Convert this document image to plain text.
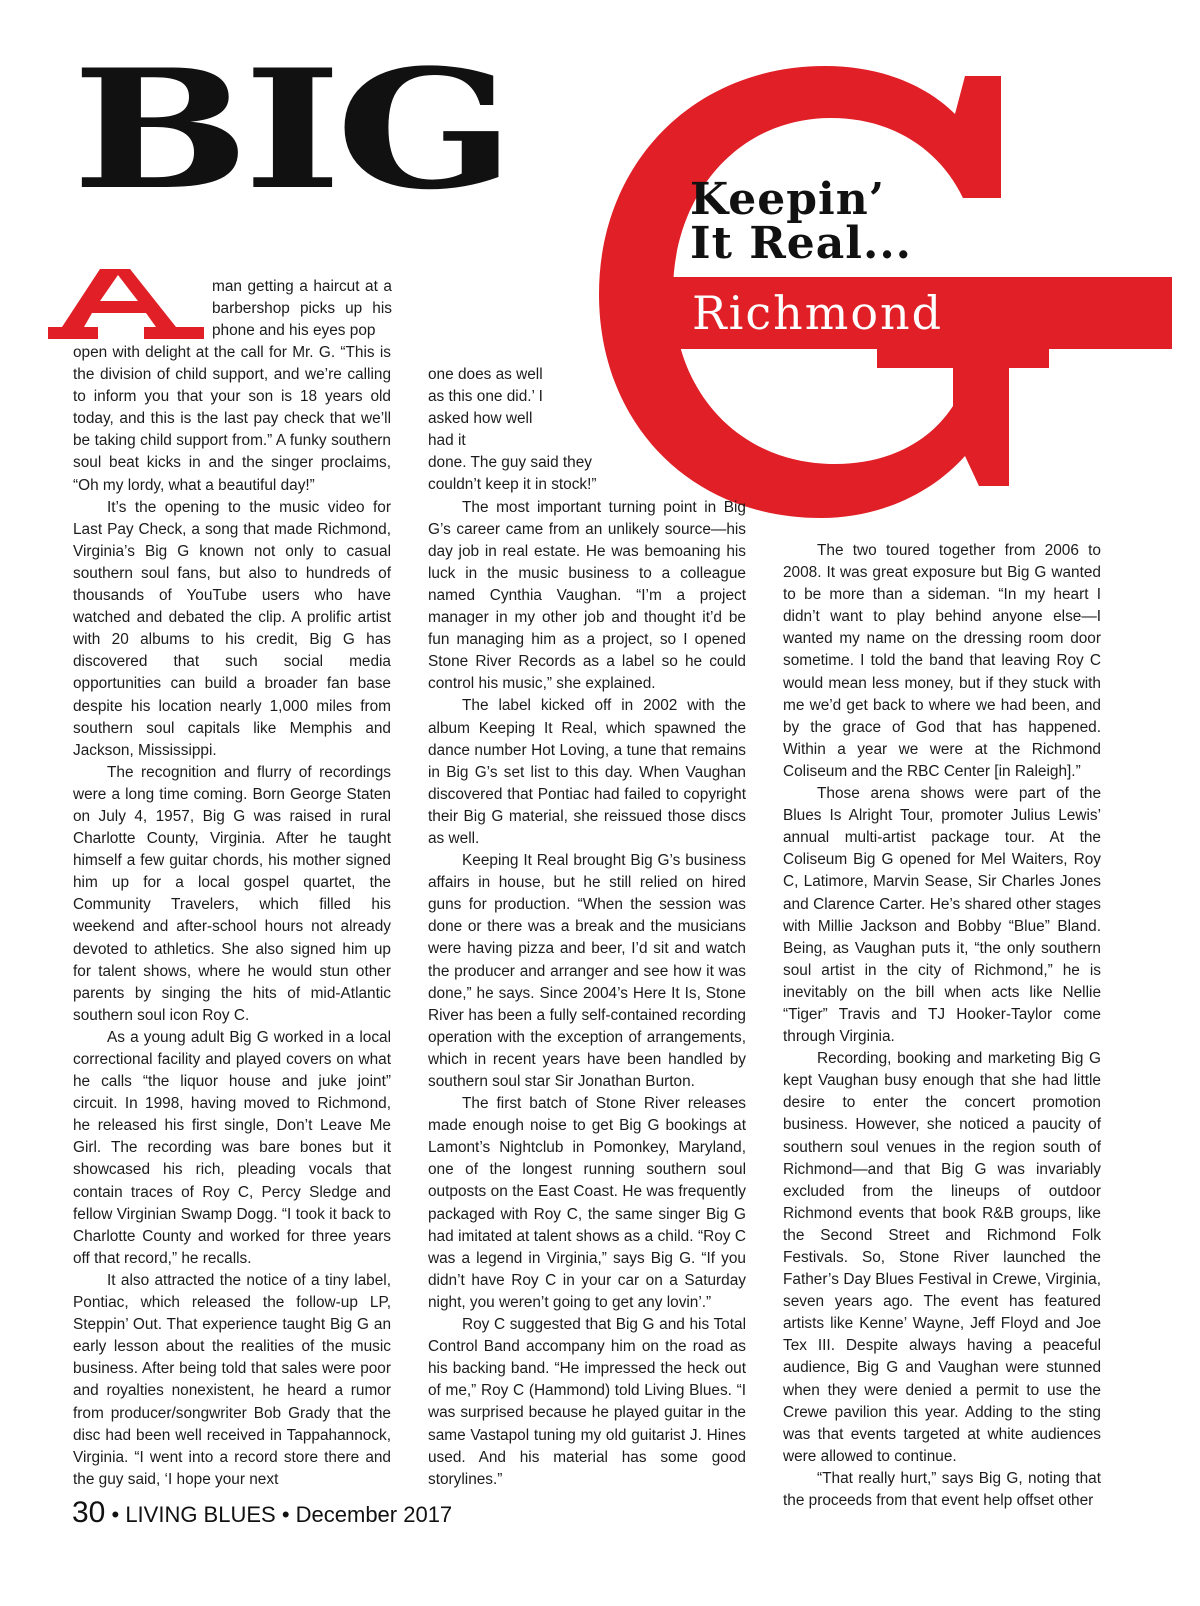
BIG	Keepin’
It Real...
Richmond
man getting a haircut at a barbershop picks up his phone and his eyes pop

open with delight at the call for Mr. G. “This is the division of child support, and we’re calling to inform you that your son is 18 years old today, and this is the last pay check that we’ll be taking child support from.” A funky southern soul beat kicks in and the singer proclaims, “Oh my lordy, what a beautiful day!”

It’s the opening to the music video for Last Pay Check, a song that made Richmond, Virginia’s Big G known not only to casual southern soul fans, but also to hundreds of thousands of YouTube users who have watched and debated the clip. A prolific artist with 20 albums to his credit, Big G has discovered that such social media opportunities can build a broader fan base despite his location nearly 1,000 miles from southern soul capitals like Memphis and Jackson, Mississippi.

The recognition and flurry of recordings were a long time coming. Born George Staten on July 4, 1957, Big G was raised in rural Charlotte County, Virginia. After he taught himself a few guitar chords, his mother signed him up for a local gospel quartet, the Community Travelers, which filled his weekend and after-school hours not already devoted to athletics. She also signed him up for talent shows, where he would stun other parents by singing the hits of mid-Atlantic southern soul icon Roy C.

As a young adult Big G worked in a local correctional facility and played covers on what he calls “the liquor house and juke joint” circuit. In 1998, having moved to Richmond, he released his first single, Don’t Leave Me Girl. The recording was bare bones but it showcased his rich, pleading vocals that contain traces of Roy C, Percy Sledge and fellow Virginian Swamp Dogg. “I took it back to Charlotte County and worked for three years off that record,” he recalls.

It also attracted the notice of a tiny label, Pontiac, which released the follow-up LP, Steppin’ Out. That experience taught Big G an early lesson about the realities of the music business. After being told that sales were poor and royalties nonexistent, he heard a rumor from producer/songwriter Bob Grady that the disc had been well received in Tappahannock, Virginia. “I went into a record store there and the guy said, ‘I hope your next

one does as well as this one did.’ I asked how well had it

done. The guy said they couldn’t keep it in stock!”

The most important turning point in Big G’s career came from an unlikely source—his day job in real estate. He was bemoaning his luck in the music business to a colleague named Cynthia Vaughan. “I’m a project manager in my other job and thought it’d be fun managing him as a project, so I opened Stone River Records as a label so he could control his music,” she explained.

The label kicked off in 2002 with the album Keeping It Real, which spawned the dance number Hot Loving, a tune that remains in Big G’s set list to this day. When Vaughan discovered that Pontiac had failed to copyright their Big G material, she reissued those discs as well.

Keeping It Real brought Big G’s business affairs in house, but he still relied on hired guns for production. “When the session was done or there was a break and the musicians were having pizza and beer, I’d sit and watch the producer and arranger and see how it was done,” he says. Since 2004’s Here It Is, Stone River has been a fully self-contained recording operation with the exception of arrangements, which in recent years have been handled by southern soul star Sir Jonathan Burton.

The first batch of Stone River releases made enough noise to get Big G bookings at Lamont’s Nightclub in Pomonkey, Maryland, one of the longest running southern soul outposts on the East Coast. He was frequently packaged with Roy C, the same singer Big G had imitated at talent shows as a child. “Roy C was a legend in Virginia,” says Big G. “If you didn’t have Roy C in your car on a Saturday night, you weren’t going to get any lovin’.”

Roy C suggested that Big G and his Total Control Band accompany him on the road as his backing band. “He impressed the heck out of me,” Roy C (Hammond) told Living Blues. “I was surprised because he played guitar in the same Vastapol tuning my old guitarist J. Hines used. And his material has some good storylines.”

The two toured together from 2006 to 2008. It was great exposure but Big G wanted to be more than a sideman. “In my heart I didn’t want to play behind anyone else—I wanted my name on the dressing room door sometime. I told the band that leaving Roy C would mean less money, but if they stuck with me we’d get back to where we had been, and by the grace of God that has happened. Within a year we were at the Richmond Coliseum and the RBC Center [in Raleigh].”

Those arena shows were part of the Blues Is Alright Tour, promoter Julius Lewis’ annual multi-artist package tour. At the Coliseum Big G opened for Mel Waiters, Roy C, Latimore, Marvin Sease, Sir Charles Jones and Clarence Carter. He’s shared other stages with Millie Jackson and Bobby “Blue” Bland. Being, as Vaughan puts it, “the only southern soul artist in the city of Richmond,” he is inevitably on the bill when acts like Nellie “Tiger” Travis and TJ Hooker-Taylor come through Virginia.

Recording, booking and marketing Big G kept Vaughan busy enough that she had little desire to enter the concert promotion business. However, she noticed a paucity of southern soul venues in the region south of Richmond—and that Big G was invariably excluded from the lineups of outdoor Richmond events that book R&B groups, like the Second Street and Richmond Folk Festivals. So, Stone River launched the Father’s Day Blues Festival in Crewe, Virginia, seven years ago. The event has featured artists like Kenne’ Wayne, Jeff Floyd and Joe Tex III. Despite always having a peaceful audience, Big G and Vaughan were stunned when they were denied a permit to use the Crewe pavilion this year. Adding to the sting was that events targeted at white audiences were allowed to continue.

“That really hurt,” says Big G, noting that the proceeds from that event help offset other

30 • LIVING BLUES • December 2017
